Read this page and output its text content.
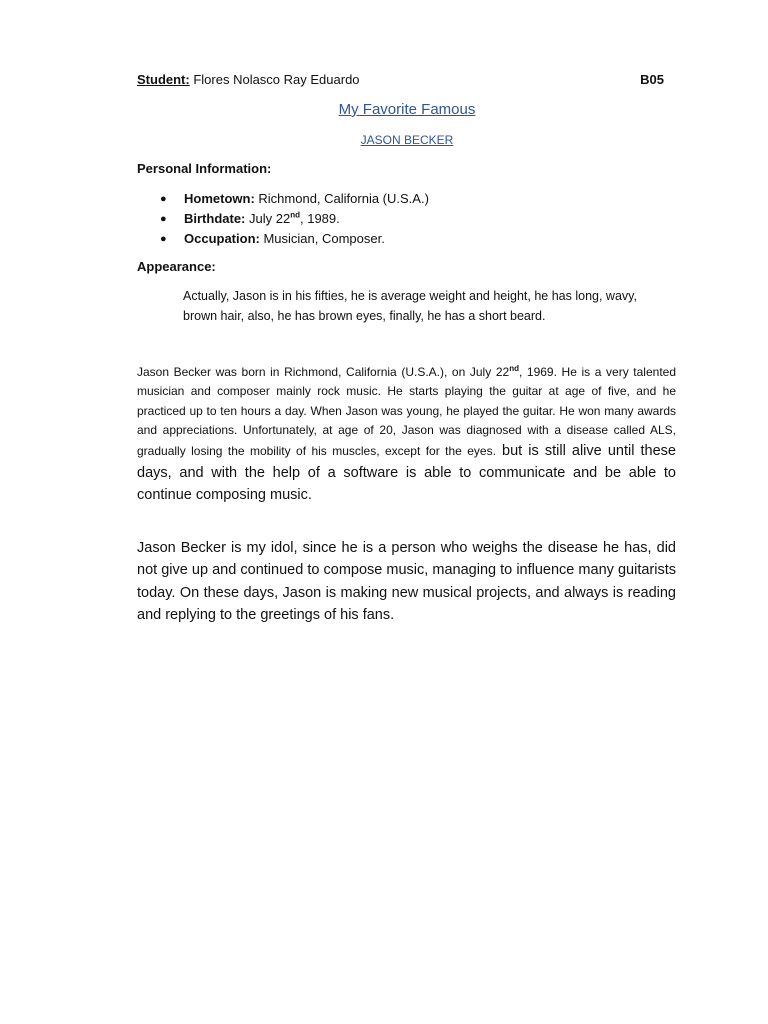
Student: Flores Nolasco Ray Eduardo	B05
My Favorite Famous
JASON BECKER
Personal Information:
● Hometown: Richmond, California (U.S.A.)
● Birthdate: July 22nd, 1989.
● Occupation: Musician, Composer.
Appearance:
Actually, Jason is in his fifties, he is average weight and height, he has long, wavy, brown hair, also, he has brown eyes, finally, he has a short beard.

Jason Becker was born in Richmond, California (U.S.A.), on July 22nd, 1969. He is a very talented musician and composer mainly rock music. He starts playing the guitar at age of five, and he practiced up to ten hours a day. When Jason was young, he played the guitar. He won many awards and appreciations. Unfortunately, at age of 20, Jason was diagnosed with a disease called ALS, gradually losing the mobility of his muscles, except for the eyes. but is still alive until these days, and with the help of a software is able to communicate and be able to continue composing music.

Jason Becker is my idol, since he is a person who weighs the disease he has, did not give up and continued to compose music, managing to influence many guitarists today. On these days, Jason is making new musical projects, and always is reading and replying to the greetings of his fans.
